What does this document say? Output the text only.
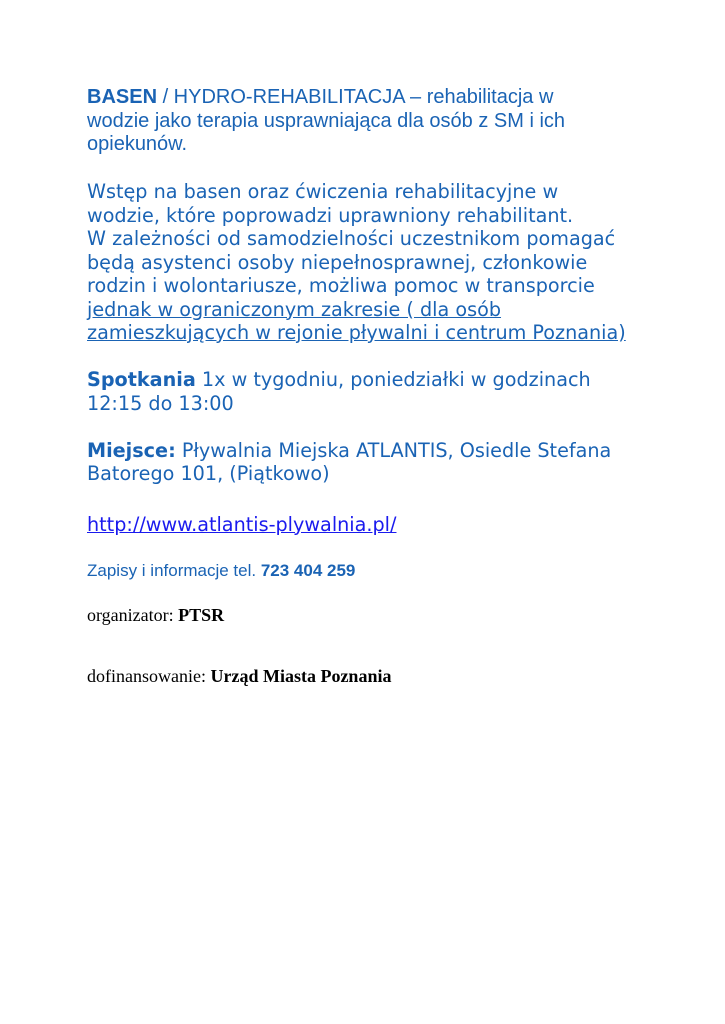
BASEN / HYDRO-REHABILITACJA – rehabilitacja w
wodzie jako terapia usprawniająca dla osób z SM i ich
opiekunów.
Wstęp na basen oraz ćwiczenia rehabilitacyjne w
wodzie, które poprowadzi uprawniony rehabilitant.
W zależności od samodzielności uczestnikom pomagać
będą asystenci osoby niepełnosprawnej, członkowie
rodzin i wolontariusze, możliwa pomoc w transporcie
jednak w ograniczonym zakresie ( dla osób
zamieszkujących w rejonie pływalni i centrum Poznania)
Spotkania 1x w tygodniu, poniedziałki w godzinach
12:15 do 13:00
Miejsce: Pływalnia Miejska ATLANTIS, Osiedle Stefana
Batorego 101, (Piątkowo)
http://www.atlantis-plywalnia.pl/
Zapisy i informacje tel. 723 404 259
organizator: PTSR
dofinansowanie: Urząd Miasta Poznania
